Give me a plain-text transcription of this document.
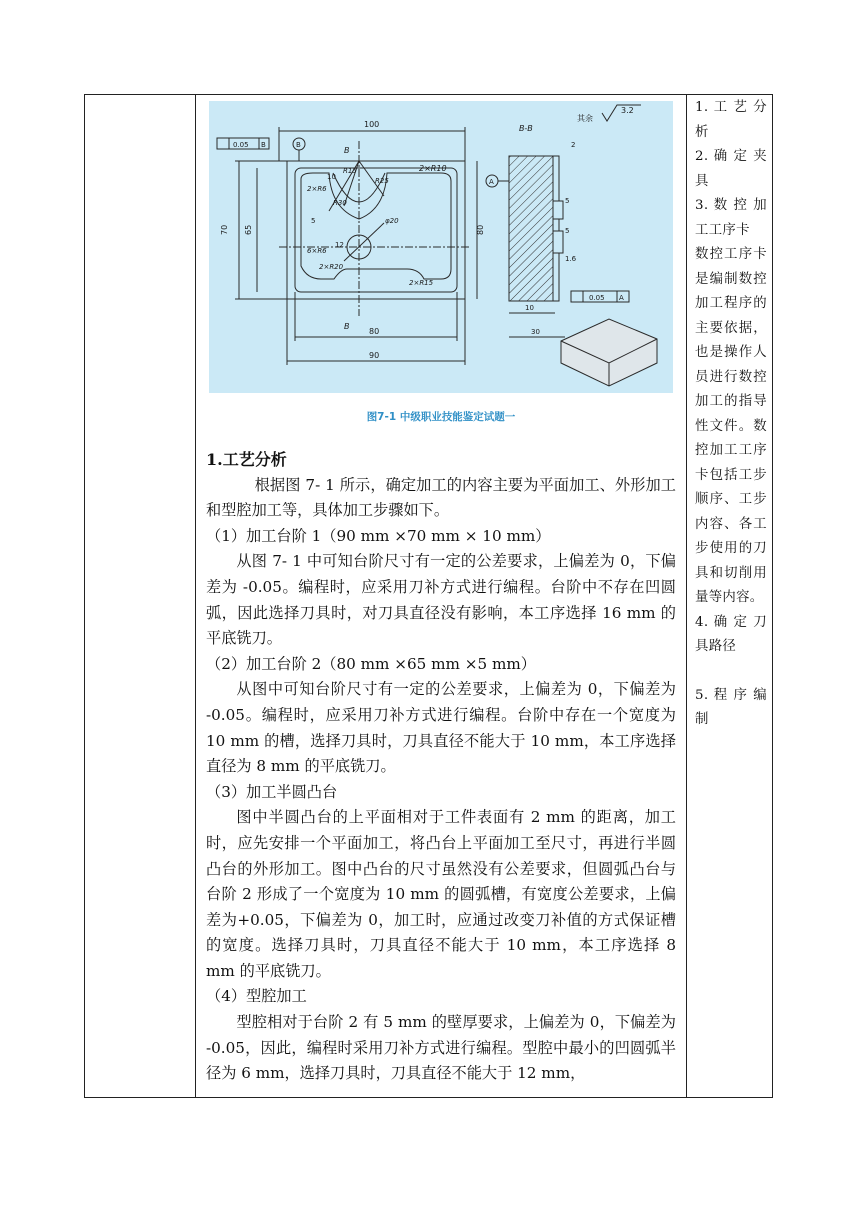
100	B-B
其余
3.2
0.05 B	B
B
B
2×R10
R15
R25
R30
2×R6
10
5	φ20
12
6×R6
2×R20
2×R15
70 65	80
80
90
2
5
5
1.6
0.05 A
10
30
A
图7-1 中级职业技能鉴定试题一
1.工艺分析

根据图 7- 1 所示，确定加工的内容主要为平面加工、外形加工和型腔加工等，具体加工步骤如下。

（1）加工台阶 1（90 mm ×70 mm × 10 mm）

从图 7- 1 中可知台阶尺寸有一定的公差要求，上偏差为 0，下偏差为 -0.05。编程时，应采用刀补方式进行编程。台阶中不存在凹圆弧，因此选择刀具时，对刀具直径没有影响，本工序选择 16 mm 的平底铣刀。

（2）加工台阶 2（80 mm ×65 mm ×5 mm）

从图中可知台阶尺寸有一定的公差要求，上偏差为 0，下偏差为 -0.05。编程时，应采用刀补方式进行编程。台阶中存在一个宽度为 10 mm 的槽，选择刀具时，刀具直径不能大于 10 mm，本工序选择直径为 8 mm 的平底铣刀。

（3）加工半圆凸台

图中半圆凸台的上平面相对于工件表面有 2 mm 的距离，加工时，应先安排一个平面加工，将凸台上平面加工至尺寸，再进行半圆凸台的外形加工。图中凸台的尺寸虽然没有公差要求，但圆弧凸台与台阶 2 形成了一个宽度为 10 mm 的圆弧槽，有宽度公差要求，上偏差为+0.05，下偏差为 0，加工时，应通过改变刀补值的方式保证槽的宽度。选择刀具时，刀具直径不能大于 10 mm，本工序选择 8 mm 的平底铣刀。

（4）型腔加工

型腔相对于台阶 2 有 5 mm 的壁厚要求，上偏差为 0，下偏差为 -0.05，因此，编程时采用刀补方式进行编程。型腔中最小的凹圆弧半径为 6 mm，选择刀具时，刀具直径不能大于 12 mm，

1. 工 艺 分析

2. 确 定 夹具

3. 数 控 加工工序卡

数控工序卡是编制数控加工程序的主要依据，也是操作人员进行数控加工的指导性文件。数控加工工序卡包括工步顺序、工步内容、各工步使用的刀具和切削用量等内容。

4. 确 定 刀具路径

5. 程 序 编制
